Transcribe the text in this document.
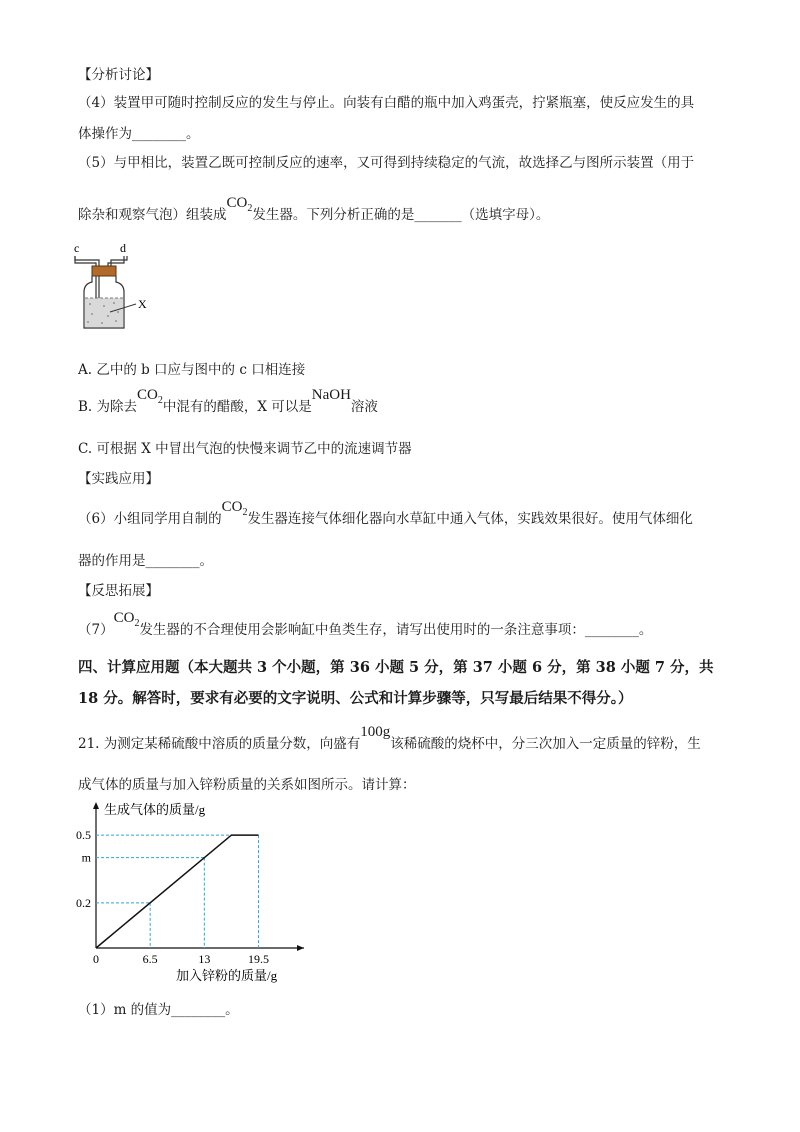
【分析讨论】
（4）装置甲可随时控制反应的发生与停止。向装有白醋的瓶中加入鸡蛋壳，拧紧瓶塞，使反应发生的具
体操作为________。
（5）与甲相比，装置乙既可控制反应的速率，又可得到持续稳定的气流，故选择乙与图所示装置（用于
除杂和观察气泡）组装成$CO_2$发生器。下列分析正确的是_______（选填字母）。
c	d
X
A. 乙中的 b 口应与图中的 c 口相连接
B. 为除去$CO_2$中混有的醋酸，X 可以是NaOH溶液
C. 可根据 X 中冒出气泡的快慢来调节乙中的流速调节器
【实践应用】
（6）小组同学用自制的$CO_2$发生器连接气体细化器向水草缸中通入气体，实践效果很好。使用气体细化
器的作用是________。
【反思拓展】
$(7)CO_2$发生器的不合理使用会影响缸中鱼类生存，请写出使用时的一条注意事项：________。
四、计算应用题（本大题共 3 个小题，第 36 小题 5 分，第 37 小题 6 分，第 38 小题 7 分，共
18 分。解答时，要求有必要的文字说明、公式和计算步骤等，只写最后结果不得分。）
21. 为测定某稀硫酸中溶质的质量分数，向盛有100g该稀硫酸的烧杯中，分三次加入一定质量的锌粉，生
成气体的质量与加入锌粉质量的关系如图所示。请计算：
0	6.5	13	19.5
0.2
m
0.5
生成气体的质量/g
加入锌粉的质量/g
（1）m 的值为________。
